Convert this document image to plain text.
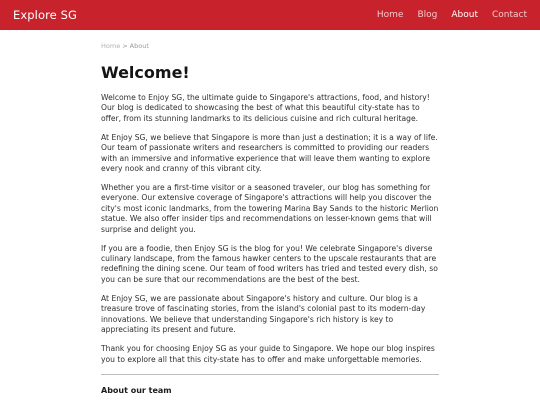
Explore SG	Home Blog About Contact
Home > About
Welcome!

Welcome to Enjoy SG, the ultimate guide to Singapore's attractions, food, and history! Our blog is dedicated to showcasing the best of what this beautiful city-state has to offer, from its stunning landmarks to its delicious cuisine and rich cultural heritage.

At Enjoy SG, we believe that Singapore is more than just a destination; it is a way of life. Our team of passionate writers and researchers is committed to providing our readers with an immersive and informative experience that will leave them wanting to explore every nook and cranny of this vibrant city.

Whether you are a first-time visitor or a seasoned traveler, our blog has something for everyone. Our extensive coverage of Singapore's attractions will help you discover the city's most iconic landmarks, from the towering Marina Bay Sands to the historic Merlion statue. We also offer insider tips and recommendations on lesser-known gems that will surprise and delight you.

If you are a foodie, then Enjoy SG is the blog for you! We celebrate Singapore's diverse culinary landscape, from the famous hawker centers to the upscale restaurants that are redefining the dining scene. Our team of food writers has tried and tested every dish, so you can be sure that our recommendations are the best of the best.

At Enjoy SG, we are passionate about Singapore's history and culture. Our blog is a treasure trove of fascinating stories, from the island's colonial past to its modern-day innovations. We believe that understanding Singapore's rich history is key to appreciating its present and future.

Thank you for choosing Enjoy SG as your guide to Singapore. We hope our blog inspires you to explore all that this city-state has to offer and make unforgettable memories.

About our team
